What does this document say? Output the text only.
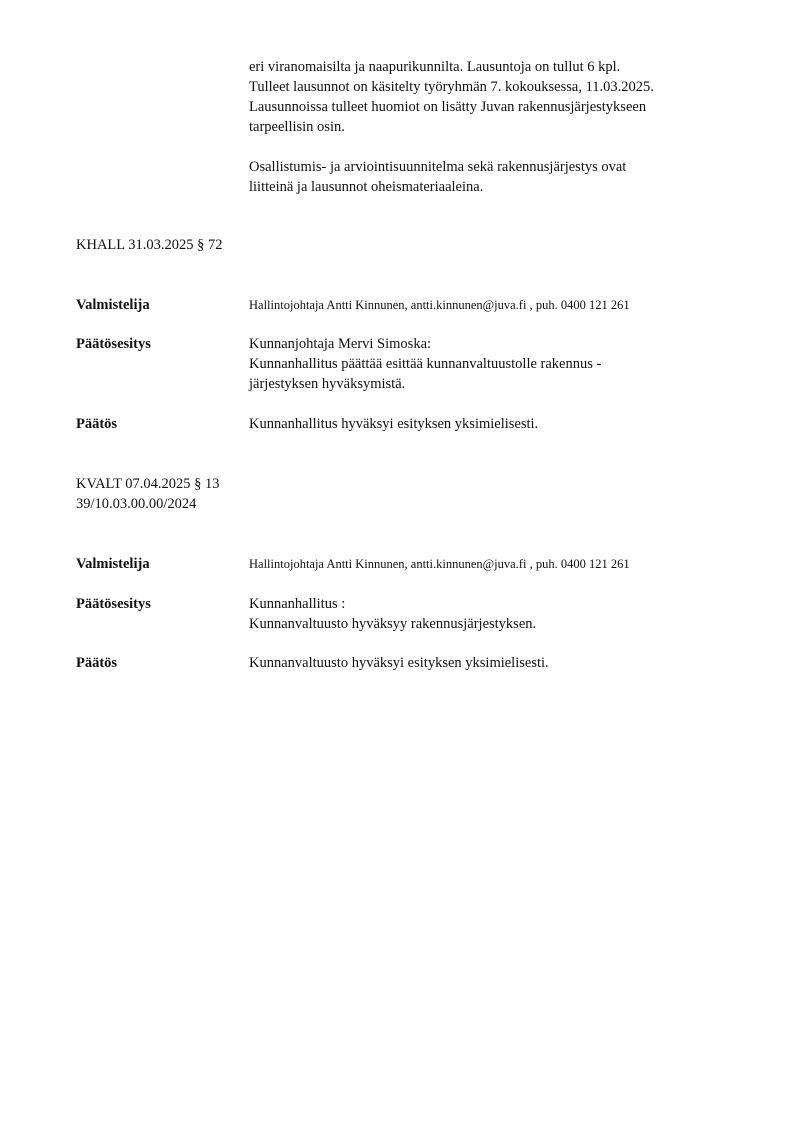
eri viranomaisilta ja naapurikunnilta. Lausuntoja on tullut 6 kpl.
Tulleet lausunnot on käsitelty työryhmän 7. kokouksessa, 11.03.2025.
Lausunnoissa tulleet huomiot on lisätty Juvan rakennusjärjestykseen
tarpeellisin osin.
Osallistumis- ja arviointisuunnitelma sekä rakennusjärjestys ovat
liitteinä ja lausunnot oheismateriaaleina.
KHALL 31.03.2025 § 72
Valmistelija	Hallintojohtaja Antti Kinnunen, antti.kinnunen@juva.fi , puh. 0400 121 261
Päätösesitys	Kunnanjohtaja Mervi Simoska:
Kunnanhallitus päättää esittää kunnanvaltuustolle rakennus -
järjestyksen hyväksymistä.
Päätös	Kunnanhallitus hyväksyi esityksen yksimielisesti.
KVALT 07.04.2025 § 13
39/10.03.00.00/2024
Valmistelija	Hallintojohtaja Antti Kinnunen, antti.kinnunen@juva.fi , puh. 0400 121 261
Päätösesitys	Kunnanhallitus :
Kunnanvaltuusto hyväksyy rakennusjärjestyksen.
Päätös	Kunnanvaltuusto hyväksyi esityksen yksimielisesti.
